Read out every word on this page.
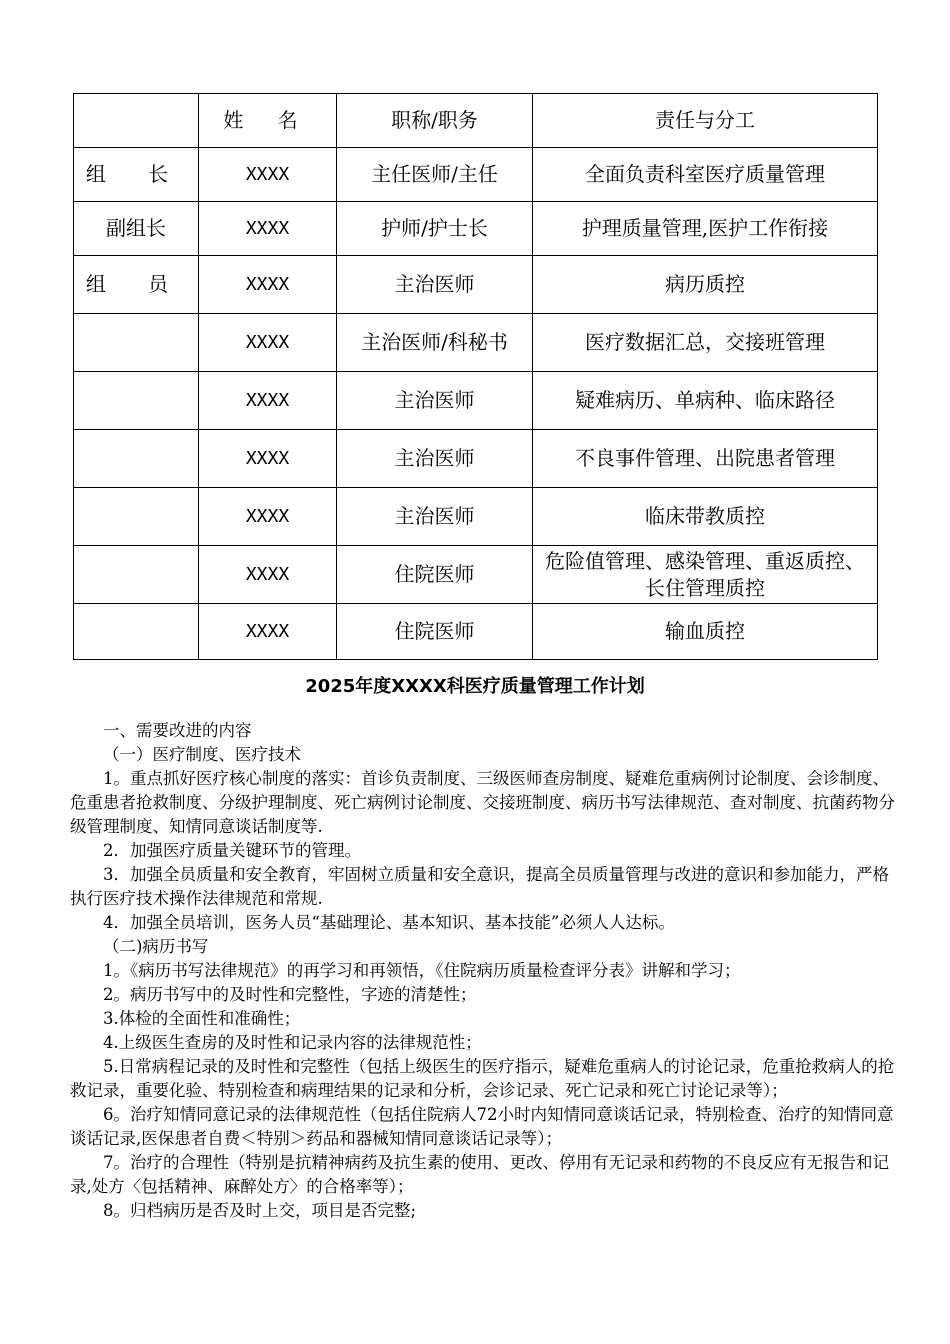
	姓 名	职称/职务	责任与分工
组 长	XXXX	主任医师/主任	全面负责科室医疗质量管理
副组长	XXXX	护师/护士长	护理质量管理,医护工作衔接
组 员	XXXX	主治医师	病历质控
	XXXX	主治医师/科秘书	医疗数据汇总，交接班管理
	XXXX	主治医师	疑难病历、单病种、临床路径
	XXXX	主治医师	不良事件管理、出院患者管理
	XXXX	主治医师	临床带教质控
	XXXX	住院医师	危险值管理、感染管理、重返质控、长住管理质控
	XXXX	住院医师	输血质控
2025年度XXXX科医疗质量管理工作计划

一、需要改进的内容

（一）医疗制度、医疗技术

1。重点抓好医疗核心制度的落实：首诊负责制度、三级医师查房制度、疑难危重病例讨论制度、会诊制度、危重患者抢救制度、分级护理制度、死亡病例讨论制度、交接班制度、病历书写法律规范、查对制度、抗菌药物分级管理制度、知情同意谈话制度等.

2．加强医疗质量关键环节的管理。

3．加强全员质量和安全教育，牢固树立质量和安全意识，提高全员质量管理与改进的意识和参加能力，严格执行医疗技术操作法律规范和常规.

4．加强全员培训，医务人员“基础理论、基本知识、基本技能”必须人人达标。

（二)病历书写

1。《病历书写法律规范》的再学习和再领悟，《住院病历质量检查评分表》讲解和学习；

2。病历书写中的及时性和完整性，字迹的清楚性；

3.体检的全面性和准确性；

4.上级医生查房的及时性和记录内容的法律规范性；

5.日常病程记录的及时性和完整性（包括上级医生的医疗指示，疑难危重病人的讨论记录，危重抢救病人的抢救记录，重要化验、特别检查和病理结果的记录和分析，会诊记录、死亡记录和死亡讨论记录等）；

6。治疗知情同意记录的法律规范性（包括住院病人72小时内知情同意谈话记录，特别检查、治疗的知情同意谈话记录,医保患者自费＜特别＞药品和器械知情同意谈话记录等）；

7。治疗的合理性（特别是抗精神病药及抗生素的使用、更改、停用有无记录和药物的不良反应有无报告和记录,处方〈包括精神、麻醉处方〉的合格率等）；

8。归档病历是否及时上交，项目是否完整;
